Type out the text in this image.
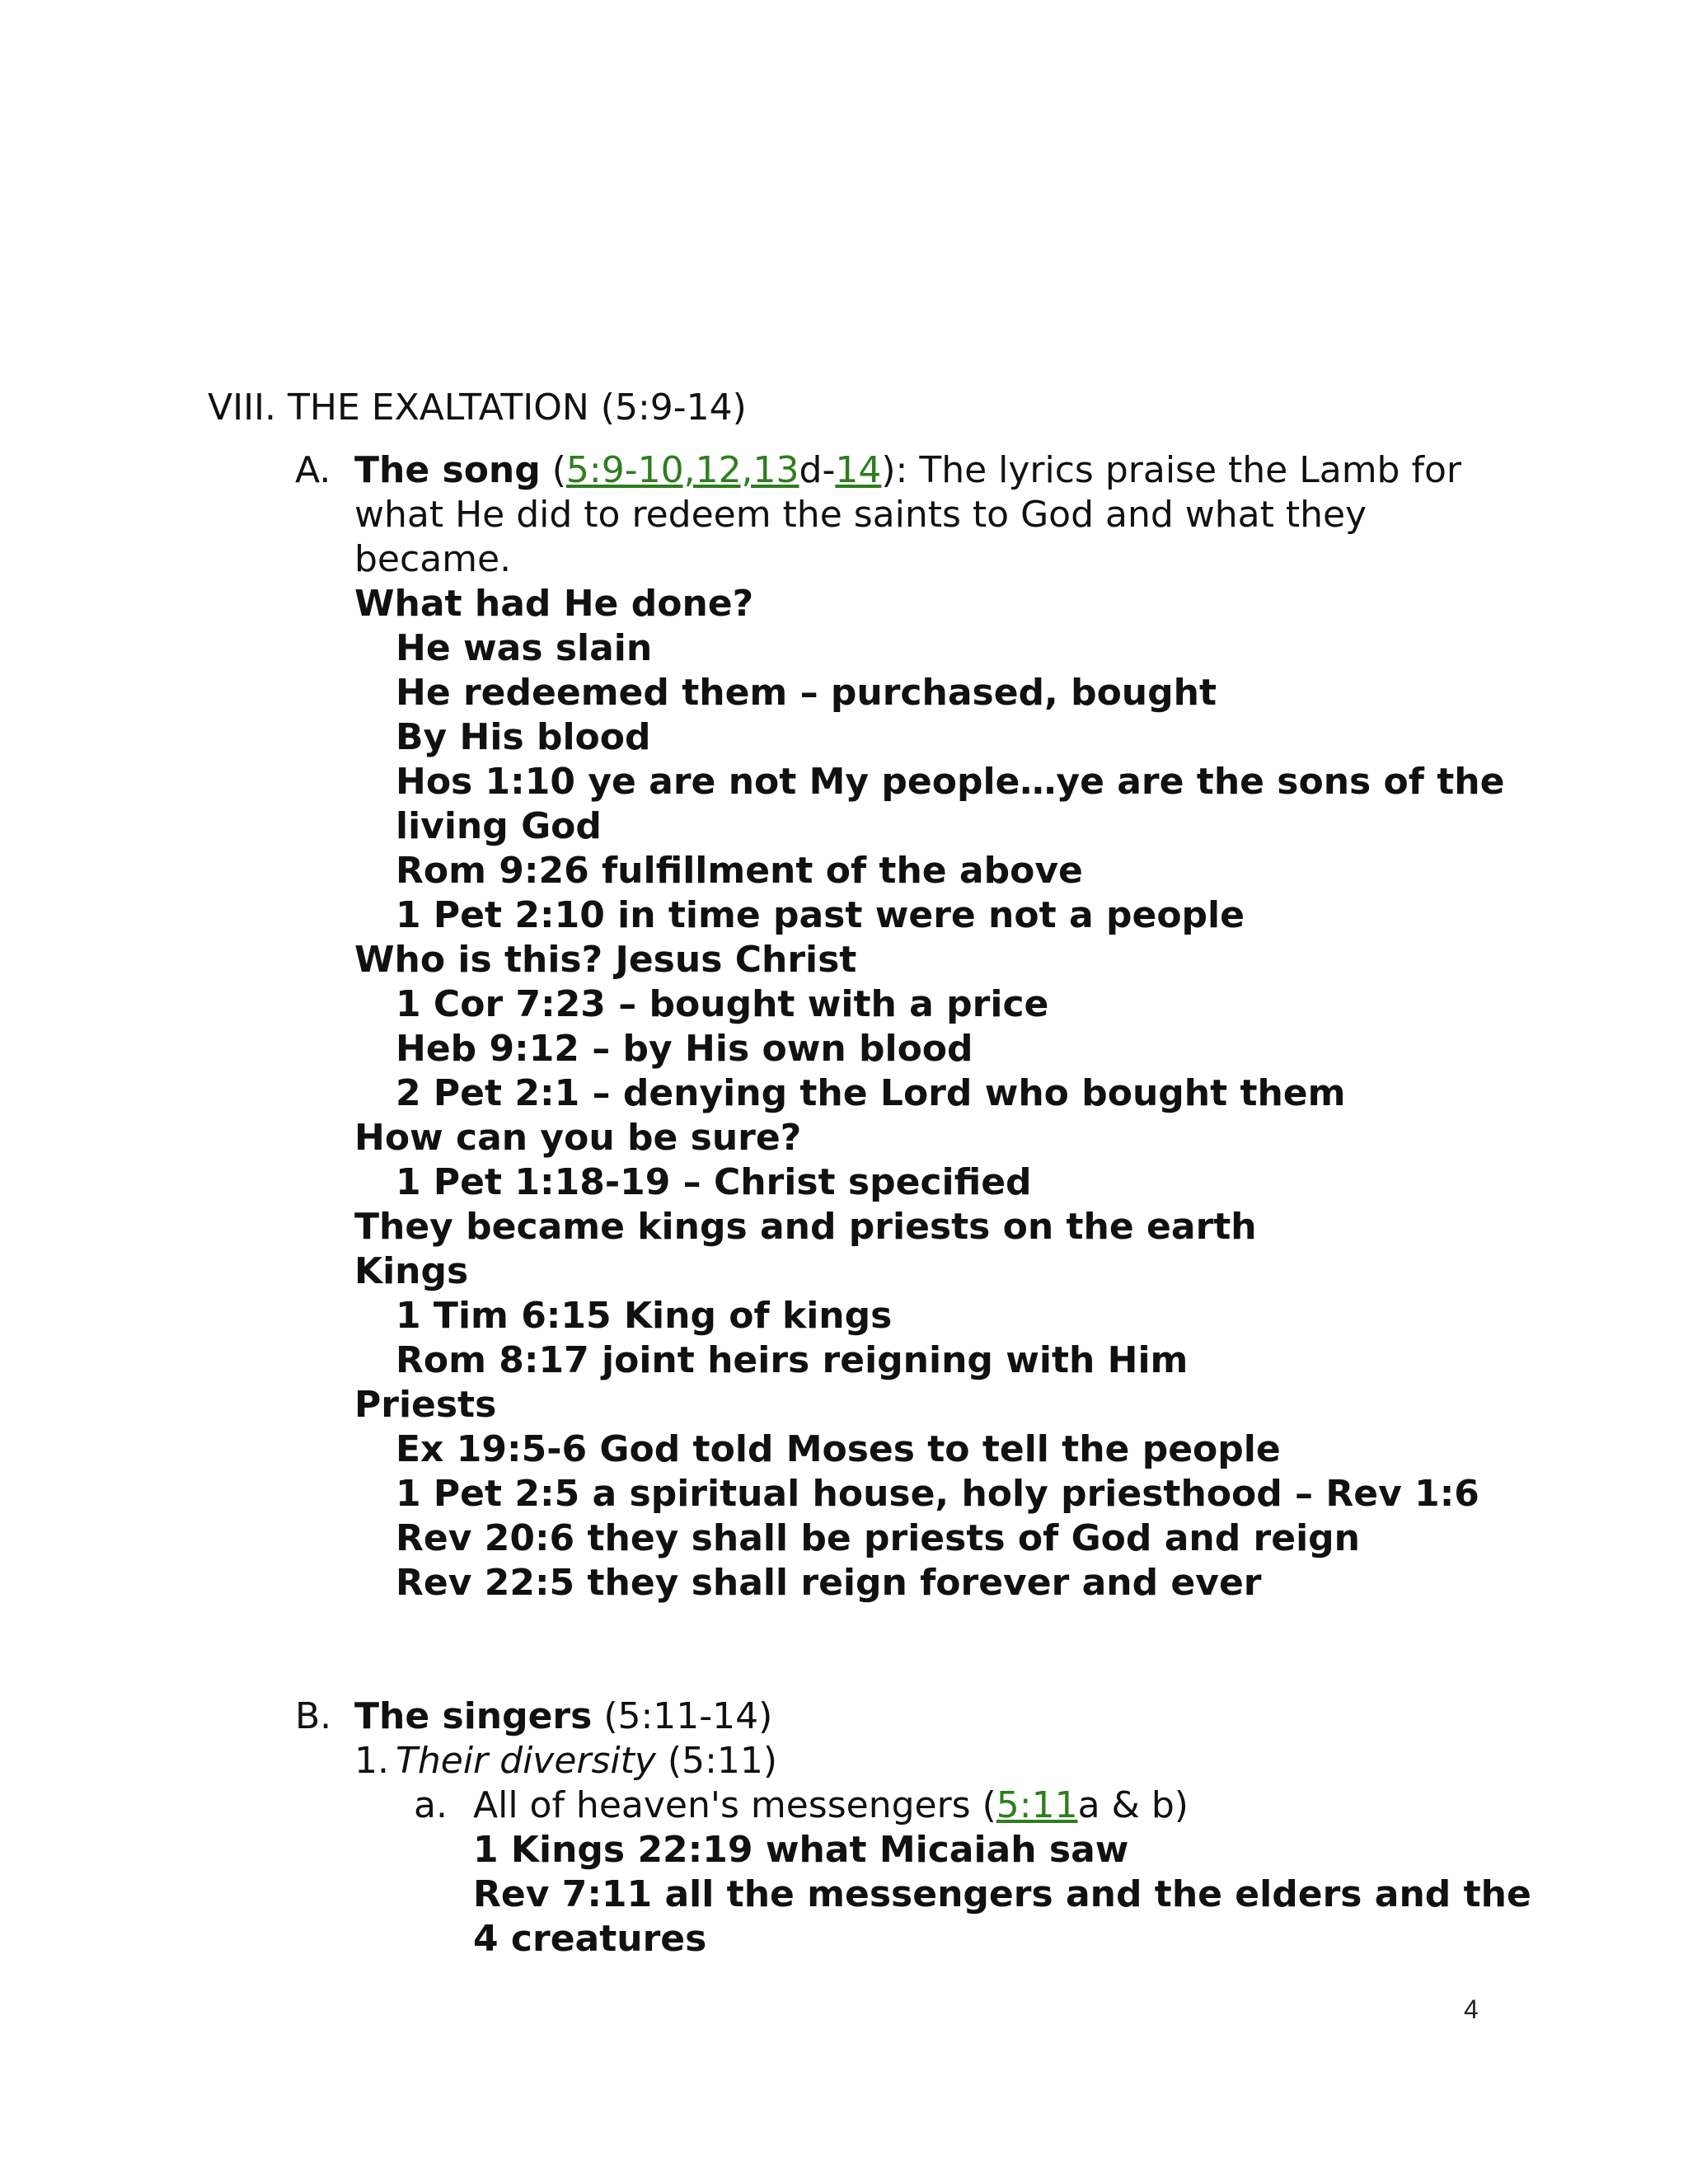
VIII. THE EXALTATION (5:9-14)
A. The song (5:9-10,12,13d-14): The lyrics praise the Lamb for
what He did to redeem the saints to God and what they
became.
What had He done?
He was slain
He redeemed them – purchased, bought
By His blood
Hos 1:10 ye are not My people…ye are the sons of the
living God
Rom 9:26 fulfillment of the above
1 Pet 2:10 in time past were not a people
Who is this? Jesus Christ
1 Cor 7:23 – bought with a price
Heb 9:12 – by His own blood
2 Pet 2:1 – denying the Lord who bought them
How can you be sure?
1 Pet 1:18-19 – Christ specified
They became kings and priests on the earth
Kings
1 Tim 6:15 King of kings
Rom 8:17 joint heirs reigning with Him
Priests
Ex 19:5-6 God told Moses to tell the people
1 Pet 2:5 a spiritual house, holy priesthood – Rev 1:6
Rev 20:6 they shall be priests of God and reign
Rev 22:5 they shall reign forever and ever
B. The singers (5:11-14)
1. Their diversity (5:11)
a. All of heaven's messengers (5:11a & b)
1 Kings 22:19 what Micaiah saw
Rev 7:11 all the messengers and the elders and the
4 creatures
4
